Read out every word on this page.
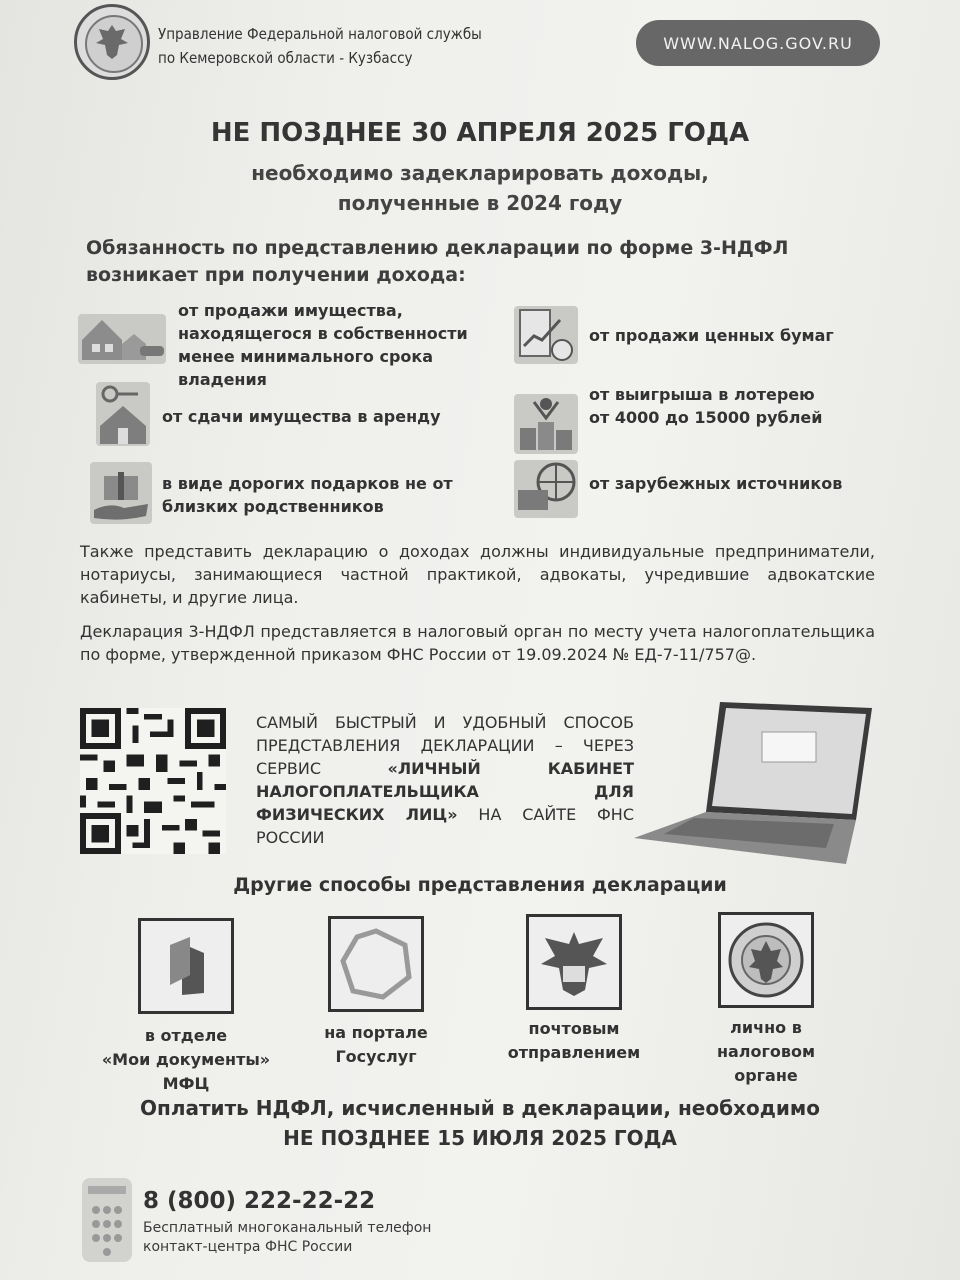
Управление Федеральной налоговой службы
по Кемеровской области - Кузбассу
WWW.NALOG.GOV.RU
НЕ ПОЗДНЕЕ 30 АПРЕЛЯ 2025 ГОДА
необходимо задекларировать доходы,
полученные в 2024 году
Обязанность по представлению декларации по форме 3-НДФЛ
возникает при получении дохода:
от продажи имущества,
находящегося в собственности
менее минимального срока
владения
от сдачи имущества в аренду
в виде дорогих подарков не от
близких родственников
от продажи ценных бумаг
от выигрыша в лотерею
от 4000 до 15000 рублей
от зарубежных источников
Также представить декларацию о доходах должны индивидуальные предприниматели, нотариусы, занимающиеся частной практикой, адвокаты, учредившие адвокатские кабинеты, и другие лица.
Декларация 3-НДФЛ представляется в налоговый орган по месту учета налогоплательщика по форме, утвержденной приказом ФНС России от 19.09.2024 № ЕД-7-11/757@.
САМЫЙ БЫСТРЫЙ И УДОБНЫЙ СПОСОБ ПРЕДСТАВЛЕНИЯ ДЕКЛАРАЦИИ – ЧЕРЕЗ СЕРВИС	«ЛИЧНЫЙ КАБИНЕТ НАЛОГОПЛАТЕЛЬЩИКА ДЛЯ ФИЗИЧЕСКИХ ЛИЦ» НА САЙТЕ ФНС РОССИИ
Другие способы представления декларации
в отделе
«Мои документы»
МФЦ
на портале
Госуслуг
почтовым
отправлением
лично в
налоговом
органе
Оплатить НДФЛ, исчисленный в декларации, необходимо
НЕ ПОЗДНЕЕ 15 ИЮЛЯ 2025 ГОДА
8 (800) 222-22-22
Бесплатный многоканальный телефон
контакт-центра ФНС России
